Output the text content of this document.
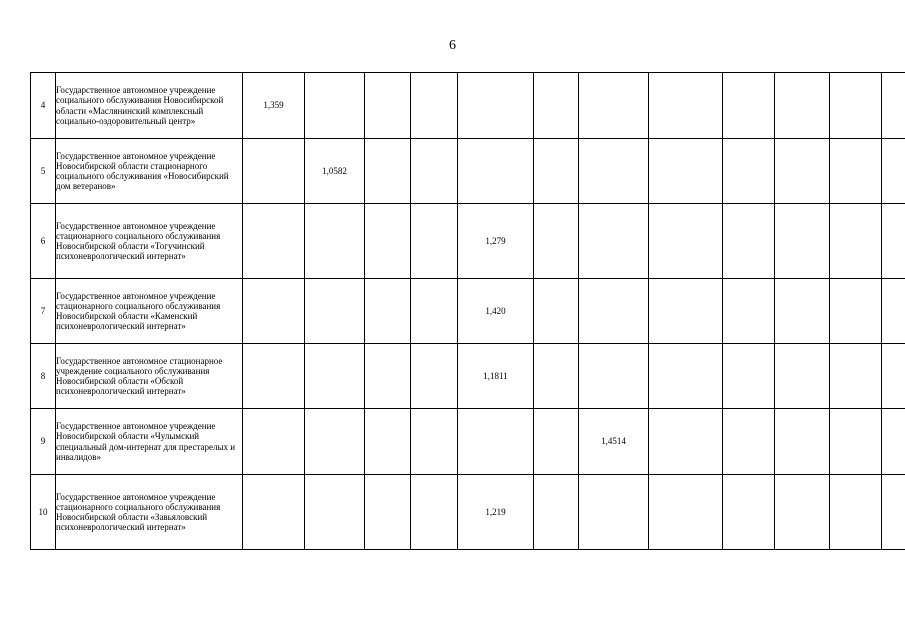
6
4	Государственное автономное учреждение социального обслуживания Новосибирской области «Маслянинский комплексный социально-оздоровительный центр»	1,359												
5	Государственное автономное учреждение Новосибирской области стационарного социального обслуживания «Новосибирский дом ветеранов»		1,0582											
6	Государственное автономное учреждение стационарного социального обслуживания Новосибирской области «Тогучинский психоневрологический интернат»					1,279								
7	Государственное автономное учреждение стационарного социального обслуживания Новосибирской области «Каменский психоневрологический интернат»					1,420								
8	Государственное автономное стационарное учреждение социального обслуживания Новосибирской области «Обской психоневрологический интернат»					1,1811								
9	Государственное автономное учреждение Новосибирской области «Чулымский специальный дом-интернат для престарелых и инвалидов»							1,4514						
10	Государственное автономное учреждение стационарного социального обслуживания Новосибирской области «Завьяловский психоневрологический интернат»					1,219								
